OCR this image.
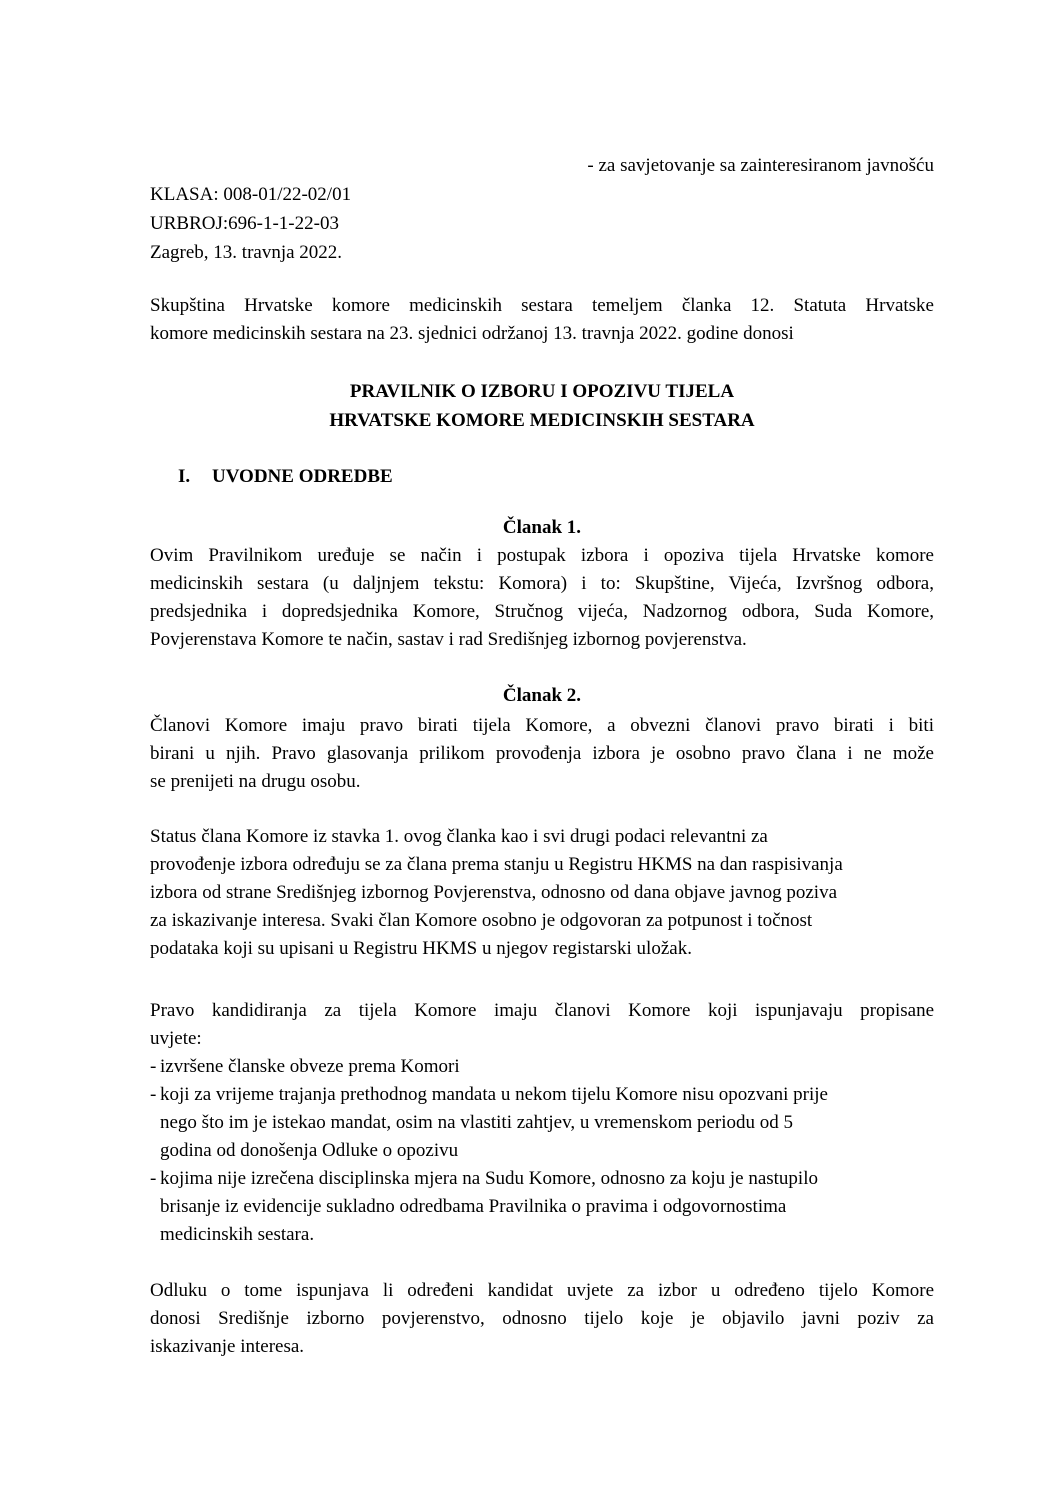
- za savjetovanje sa zainteresiranom javnošću
KLASA: 008-01/22-02/01
URBROJ:696-1-1-22-03
Zagreb, 13. travnja 2022.
Skupština Hrvatske komore medicinskih sestara temeljem članka 12. Statuta Hrvatske
komore medicinskih sestara na 23. sjednici održanoj 13. travnja 2022. godine donosi
PRAVILNIK O IZBORU I OPOZIVU TIJELA
HRVATSKE KOMORE MEDICINSKIH SESTARA
I. UVODNE ODREDBE
Članak 1.
Ovim Pravilnikom uređuje se način i postupak izbora i opoziva tijela Hrvatske komore
medicinskih sestara (u daljnjem tekstu: Komora) i to: Skupštine, Vijeća, Izvršnog odbora,
predsjednika i dopredsjednika Komore, Stručnog vijeća, Nadzornog odbora, Suda Komore,
Povjerenstava Komore te način, sastav i rad Središnjeg izbornog povjerenstva.
Članak 2.
Članovi Komore imaju pravo birati tijela Komore, a obvezni članovi pravo birati i biti
birani u njih. Pravo glasovanja prilikom provođenja izbora je osobno pravo člana i ne može
se prenijeti na drugu osobu.
Status člana Komore iz stavka 1. ovog članka kao i svi drugi podaci relevantni za
provođenje izbora određuju se za člana prema stanju u Registru HKMS na dan raspisivanja
izbora od strane Središnjeg izbornog Povjerenstva, odnosno od dana objave javnog poziva
za iskazivanje interesa. Svaki član Komore osobno je odgovoran za potpunost i točnost
podataka koji su upisani u Registru HKMS u njegov registarski uložak.
Pravo kandidiranja za tijela Komore imaju članovi Komore koji ispunjavaju propisane
uvjete:
- izvršene članske obveze prema Komori
- koji za vrijeme trajanja prethodnog mandata u nekom tijelu Komore nisu opozvani prije
nego što im je istekao mandat, osim na vlastiti zahtjev, u vremenskom periodu od 5
godina od donošenja Odluke o opozivu
- kojima nije izrečena disciplinska mjera na Sudu Komore, odnosno za koju je nastupilo
brisanje iz evidencije sukladno odredbama Pravilnika o pravima i odgovornostima
medicinskih sestara.
Odluku o tome ispunjava li određeni kandidat uvjete za izbor u određeno tijelo Komore
donosi Središnje izborno povjerenstvo, odnosno tijelo koje je objavilo javni poziv za
iskazivanje interesa.
